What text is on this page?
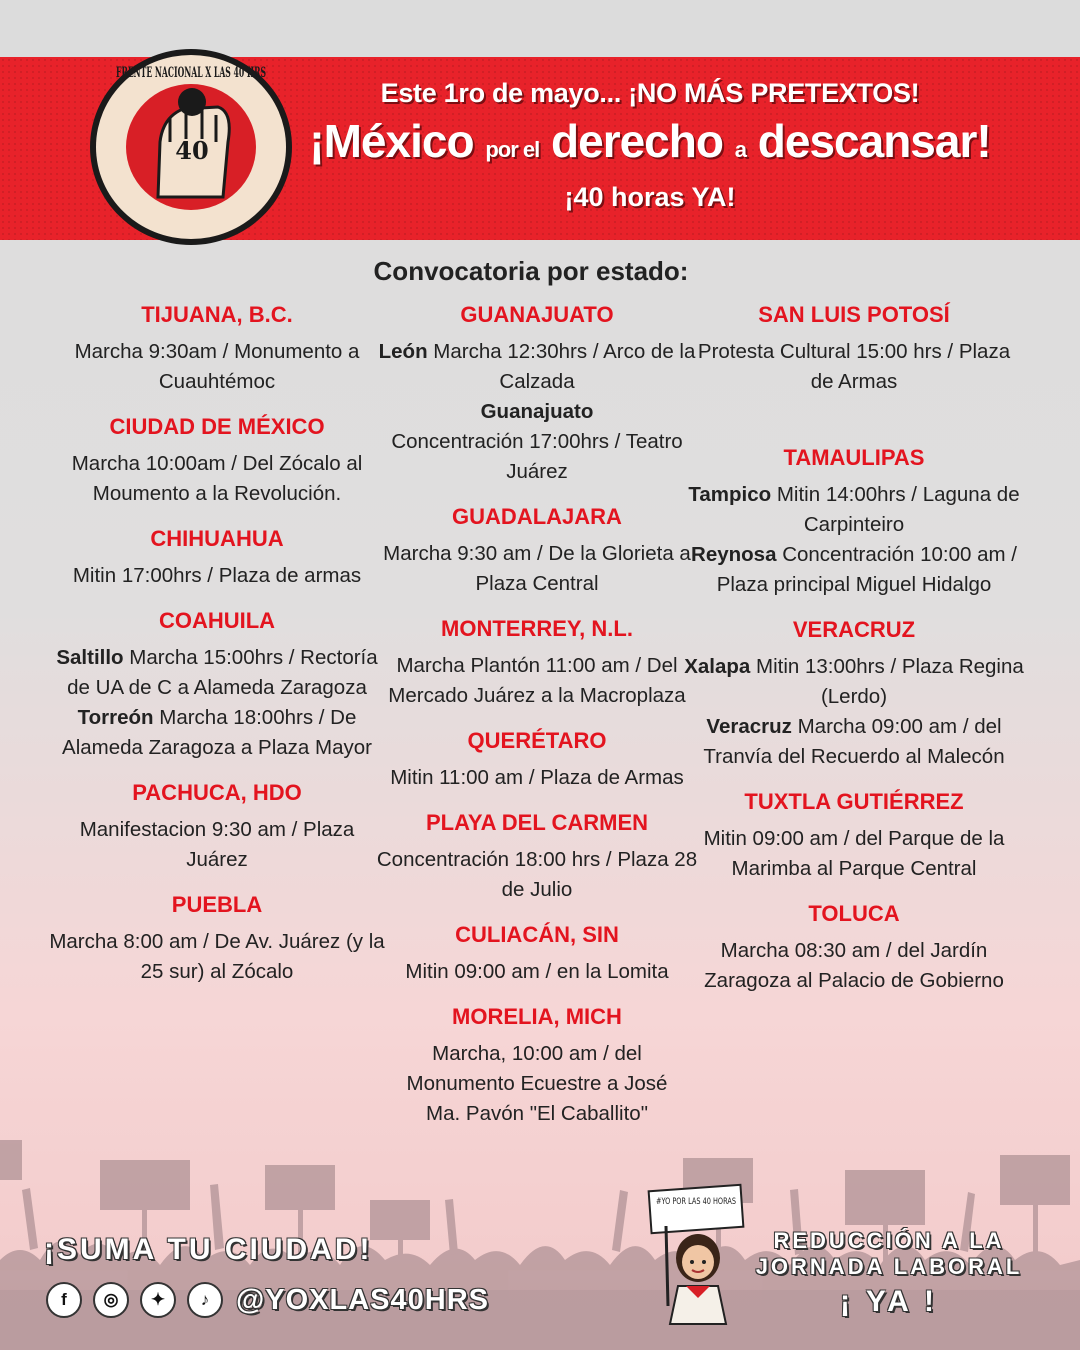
40
FRENTE NACIONAL X LAS 40 HRS

Este 1ro de mayo... ¡NO MÁS PRETEXTOS!

¡México por el derecho a descansar!

¡40 horas YA!

Convocatoria por estado:
TIJUANA, B.C.
Marcha 9:30am / Monumento a Cuauhtémoc
CIUDAD DE MÉXICO
Marcha 10:00am / Del Zócalo al Moumento a la Revolución.
CHIHUAHUA
Mitin 17:00hrs / Plaza de armas
COAHUILA
Saltillo Marcha 15:00hrs / Rectoría de UA de C a Alameda Zaragoza
Torreón Marcha 18:00hrs / De Alameda Zaragoza a Plaza Mayor
PACHUCA, HDO
Manifestacion 9:30 am / Plaza Juárez
PUEBLA
Marcha 8:00 am / De Av. Juárez (y la 25 sur) al Zócalo
GUANAJUATO
León Marcha 12:30hrs / Arco de la Calzada
Guanajuato
Concentración 17:00hrs / Teatro Juárez
GUADALAJARA
Marcha 9:30 am / De la Glorieta a Plaza Central
MONTERREY, N.L.
Marcha Plantón 11:00 am / Del Mercado Juárez a la Macroplaza
QUERÉTARO
Mitin 11:00 am / Plaza de Armas
PLAYA DEL CARMEN
Concentración 18:00 hrs / Plaza 28 de Julio
CULIACÁN, SIN
Mitin 09:00 am / en la Lomita
MORELIA, MICH
Marcha, 10:00 am / del Monumento Ecuestre a José Ma. Pavón "El Caballito"
SAN LUIS POTOSÍ
Protesta Cultural 15:00 hrs / Plaza de Armas
TAMAULIPAS
Tampico Mitin 14:00hrs / Laguna de Carpinteiro
Reynosa Concentración 10:00 am / Plaza principal Miguel Hidalgo
VERACRUZ
Xalapa Mitin 13:00hrs / Plaza Regina (Lerdo)
Veracruz Marcha 09:00 am / del Tranvía del Recuerdo al Malecón
TUXTLA GUTIÉRREZ
Mitin 09:00 am / del Parque de la Marimba al Parque Central
TOLUCA
Marcha 08:30 am / del Jardín Zaragoza al Palacio de Gobierno
¡SUMA TU CIUDAD!
f	◎	✦	♪ @YOXLAS40HRS
#YO POR LAS 40 HORAS
REDUCCIÓN A LA
JORNADA LABORAL
¡ YA !
